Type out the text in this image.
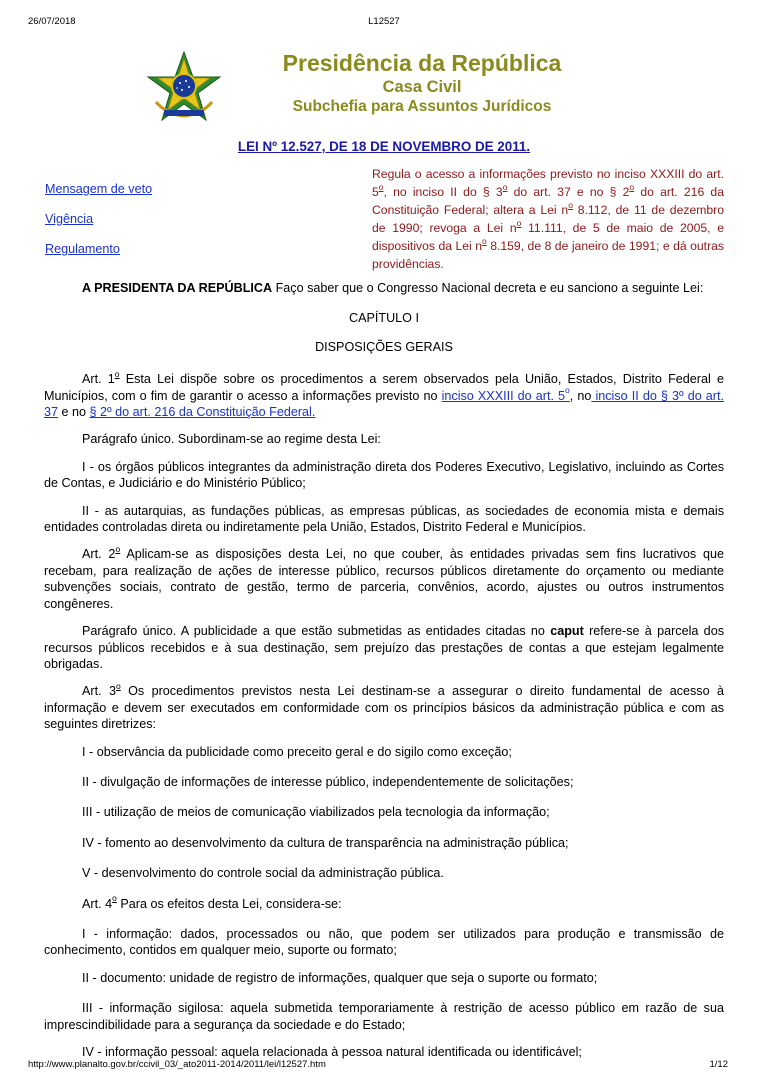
26/07/2018	L12527
Presidência da República
Casa Civil
Subchefia para Assuntos Jurídicos
LEI Nº 12.527, DE 18 DE NOVEMBRO DE 2011.
Mensagem de veto
Vigência
Regulamento
Regula o acesso a informações previsto no inciso XXXIII do art. 5$^o$, no inciso II do § 3$^o$ do art. 37 e no § 2$^o$ do art. 216 da Constituição Federal; altera a Lei $n^o$ 8.112, de 11 de dezembro de 1990; revoga a Lei $n^o$ 11.111, de 5 de maio de 2005, e dispositivos da Lei $n^o$ 8.159, de 8 de janeiro de 1991; e dá outras providências.

A PRESIDENTA DA REPÚBLICA Faço saber que o Congresso Nacional decreta e eu sanciono a seguinte Lei:

CAPÍTULO I

DISPOSIÇÕES GERAIS

Art. 1$^o$ Esta Lei dispõe sobre os procedimentos a serem observados pela União, Estados, Distrito Federal e Municípios, com o fim de garantir o acesso a informações previsto no inciso XXXIII do art. 5$^o$, no inciso II do § 3º do art. 37 e no § 2º do art. 216 da Constituição Federal.

Parágrafo único. Subordinam-se ao regime desta Lei:

I - os órgãos públicos integrantes da administração direta dos Poderes Executivo, Legislativo, incluindo as Cortes de Contas, e Judiciário e do Ministério Público;

II - as autarquias, as fundações públicas, as empresas públicas, as sociedades de economia mista e demais entidades controladas direta ou indiretamente pela União, Estados, Distrito Federal e Municípios.

Art. 2$^o$ Aplicam-se as disposições desta Lei, no que couber, às entidades privadas sem fins lucrativos que recebam, para realização de ações de interesse público, recursos públicos diretamente do orçamento ou mediante subvenções sociais, contrato de gestão, termo de parceria, convênios, acordo, ajustes ou outros instrumentos congêneres.

Parágrafo único. A publicidade a que estão submetidas as entidades citadas no caput refere-se à parcela dos recursos públicos recebidos e à sua destinação, sem prejuízo das prestações de contas a que estejam legalmente obrigadas.

Art. 3$^o$ Os procedimentos previstos nesta Lei destinam-se a assegurar o direito fundamental de acesso à informação e devem ser executados em conformidade com os princípios básicos da administração pública e com as seguintes diretrizes:

I - observância da publicidade como preceito geral e do sigilo como exceção;

II - divulgação de informações de interesse público, independentemente de solicitações;

III - utilização de meios de comunicação viabilizados pela tecnologia da informação;

IV - fomento ao desenvolvimento da cultura de transparência na administração pública;

V - desenvolvimento do controle social da administração pública.

Art. 4$^o$ Para os efeitos desta Lei, considera-se:

I - informação: dados, processados ou não, que podem ser utilizados para produção e transmissão de conhecimento, contidos em qualquer meio, suporte ou formato;

II - documento: unidade de registro de informações, qualquer que seja o suporte ou formato;

III - informação sigilosa: aquela submetida temporariamente à restrição de acesso público em razão de sua imprescindibilidade para a segurança da sociedade e do Estado;

IV - informação pessoal: aquela relacionada à pessoa natural identificada ou identificável;

http://www.planalto.gov.br/ccivil_03/_ato2011-2014/2011/lei/l12527.htm	1/12
